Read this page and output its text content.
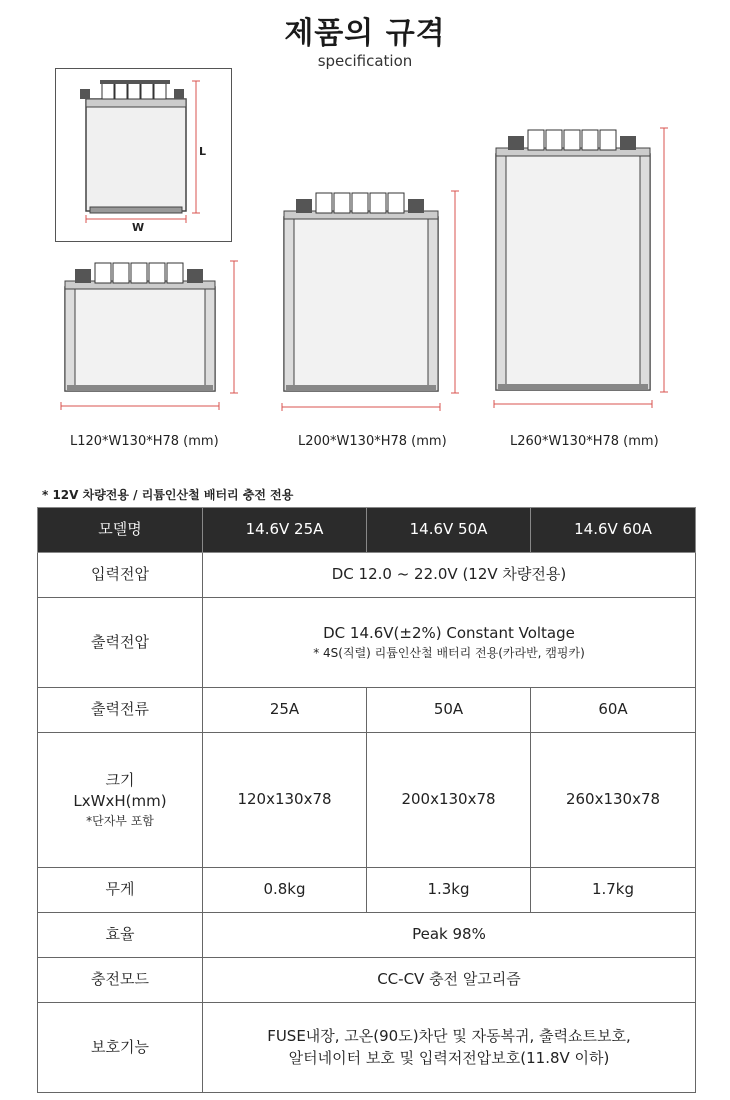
제품의 규격
specification
L
W
L120*W130*H78 (mm)	L200*W130*H78 (mm)	L260*W130*H78 (mm)
* 12V 차량전용 / 리튬인산철 배터리 충전 전용
모델명	14.6V 25A	14.6V 50A	14.6V 60A
입력전압	DC 12.0 ~ 22.0V (12V 차량전용)		
출력전압	DC 14.6V(±2%) Constant Voltage
* 4S(직렬) 리튬인산철 배터리 전용(카라반, 캠핑카)		

출력전류	25A	50A	60A

크기
LxWxH(mm)
*단자부 포함	120x130x78	200x130x78	260x130x78
무게	0.8kg	1.3kg	1.7kg
효율	Peak 98%		
충전모드	CC-CV 충전 알고리즘		
보호기능	FUSE내장, 고온(90도)차단 및 자동복귀, 출력쇼트보호,
알터네이터 보호 및 입력저전압보호(11.8V 이하)		
